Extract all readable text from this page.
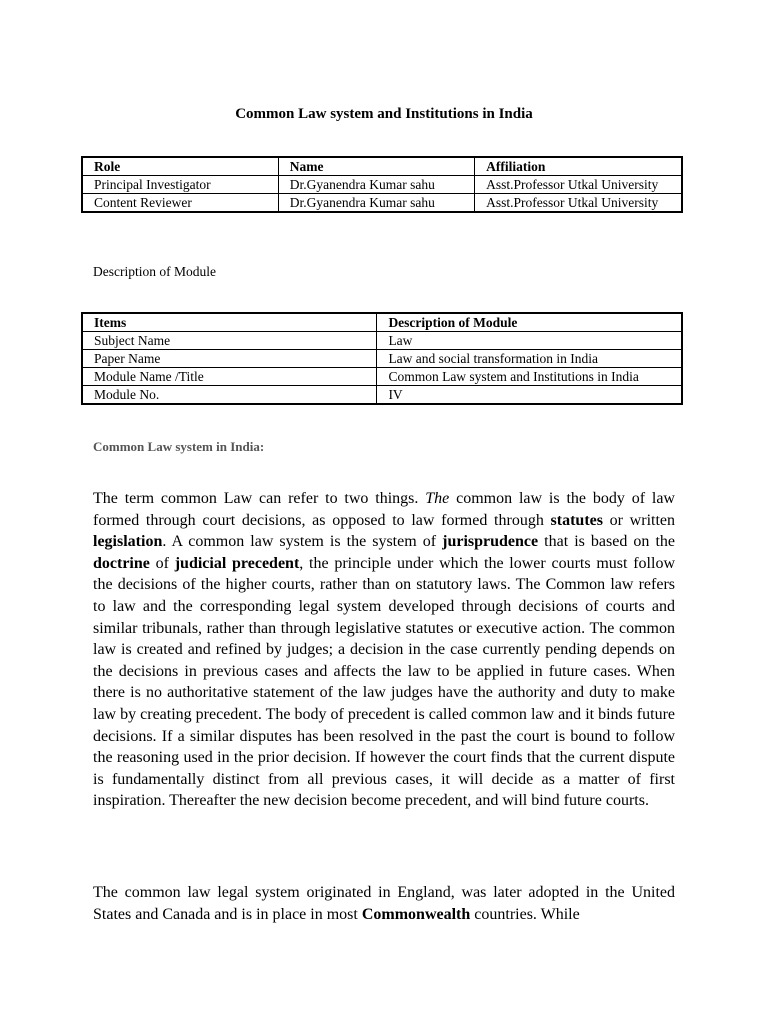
Common Law system and Institutions in India
Role	Name	Affiliation
Principal Investigator	Dr.Gyanendra Kumar sahu	Asst.Professor Utkal University
Content Reviewer	Dr.Gyanendra Kumar sahu	Asst.Professor Utkal University

Description of Module

Items	Description of Module
Subject Name	Law
Paper Name	Law and social transformation in India
Module Name /Title	Common Law system and Institutions in India
Module No.	IV

Common Law system in India:

The term common Law can refer to two things. The common law is the body of law formed through court decisions, as opposed to law formed through statutes or written legislation. A common law system is the system of jurisprudence that is based on the doctrine of judicial precedent, the principle under which the lower courts must follow the decisions of the higher courts, rather than on statutory laws. The Common law refers to law and the corresponding legal system developed through decisions of courts and similar tribunals, rather than through legislative statutes or executive action. The common law is created and refined by judges; a decision in the case currently pending depends on the decisions in previous cases and affects the law to be applied in future cases. When there is no authoritative statement of the law judges have the authority and duty to make law by creating precedent. The body of precedent is called common law and it binds future decisions. If a similar disputes has been resolved in the past the court is bound to follow the reasoning used in the prior decision. If however the court finds that the current dispute is fundamentally distinct from all previous cases, it will decide as a matter of first inspiration. Thereafter the new decision become precedent, and will bind future courts.

The common law legal system originated in England, was later adopted in the United States and Canada and is in place in most Commonwealth countries. While
